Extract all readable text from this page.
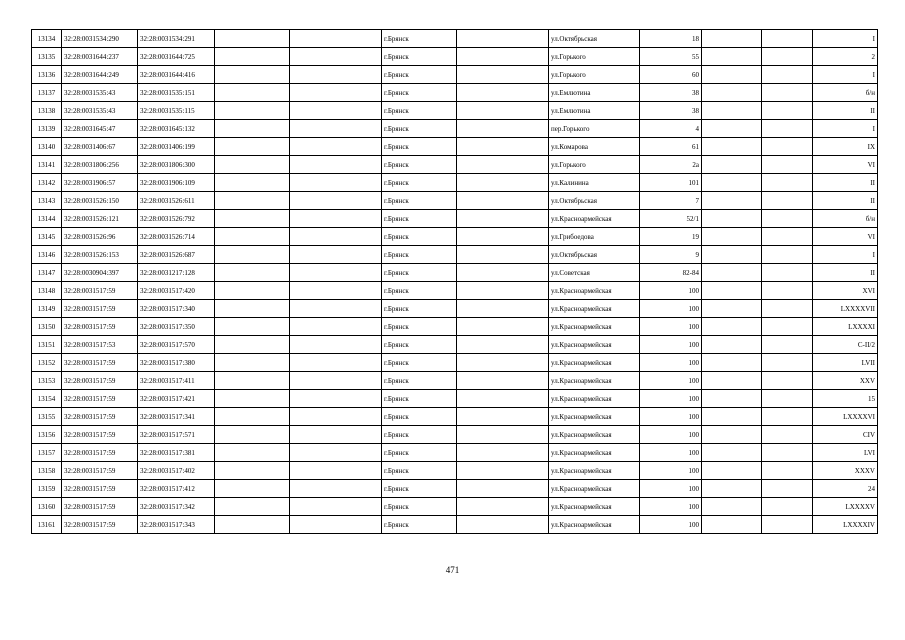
13134	32:28:0031534:290	32:28:0031534:291			г.Брянск		ул.Октябрьская	18			I
13135	32:28:0031644:237	32:28:0031644:725			г.Брянск		ул.Горького	55			2
13136	32:28:0031644:249	32:28:0031644:416			г.Брянск		ул.Горького	60			I
13137	32:28:0031535:43	32:28:0031535:151			г.Брянск		ул.Емлютина	38			б/н
13138	32:28:0031535:43	32:28:0031535:115			г.Брянск		ул.Емлютина	38			II
13139	32:28:0031645:47	32:28:0031645:132			г.Брянск		пер.Горького	4			I
13140	32:28:0031406:67	32:28:0031406:199			г.Брянск		ул.Комарова	61			IX
13141	32:28:0031806:256	32:28:0031806:300			г.Брянск		ул.Горького	2а			VI
13142	32:28:0031906:57	32:28:0031906:109			г.Брянск		ул.Калинина	101			II
13143	32:28:0031526:150	32:28:0031526:611			г.Брянск		ул.Октябрьская	7			II
13144	32:28:0031526:121	32:28:0031526:792			г.Брянск		ул.Красноармейская	52/1			б/н
13145	32:28:0031526:96	32:28:0031526:714			г.Брянск		ул.Грибоедова	19			VI
13146	32:28:0031526:153	32:28:0031526:687			г.Брянск		ул.Октябрьская	9			I
13147	32:28:0030904:397	32:28:0031217:128			г.Брянск		ул.Советская	82-84			II
13148	32:28:0031517:59	32:28:0031517:420			г.Брянск		ул.Красноармейская	100			XVI
13149	32:28:0031517:59	32:28:0031517:340			г.Брянск		ул.Красноармейская	100			LXXXXVII
13150	32:28:0031517:59	32:28:0031517:350			г.Брянск		ул.Красноармейская	100			LXXXXI
13151	32:28:0031517:53	32:28:0031517:570			г.Брянск		ул.Красноармейская	100			С-II/2
13152	32:28:0031517:59	32:28:0031517:380			г.Брянск		ул.Красноармейская	100			LVII
13153	32:28:0031517:59	32:28:0031517:411			г.Брянск		ул.Красноармейская	100			XXV
13154	32:28:0031517:59	32:28:0031517:421			г.Брянск		ул.Красноармейская	100			15
13155	32:28:0031517:59	32:28:0031517:341			г.Брянск		ул.Красноармейская	100			LXXXXVI
13156	32:28:0031517:59	32:28:0031517:571			г.Брянск		ул.Красноармейская	100			CIV
13157	32:28:0031517:59	32:28:0031517:381			г.Брянск		ул.Красноармейская	100			LVI
13158	32:28:0031517:59	32:28:0031517:402			г.Брянск		ул.Красноармейская	100			XXXV
13159	32:28:0031517:59	32:28:0031517:412			г.Брянск		ул.Красноармейская	100			24
13160	32:28:0031517:59	32:28:0031517:342			г.Брянск		ул.Красноармейская	100			LXXXXV
13161	32:28:0031517:59	32:28:0031517:343			г.Брянск		ул.Красноармейская	100			LXXXXIV
471
